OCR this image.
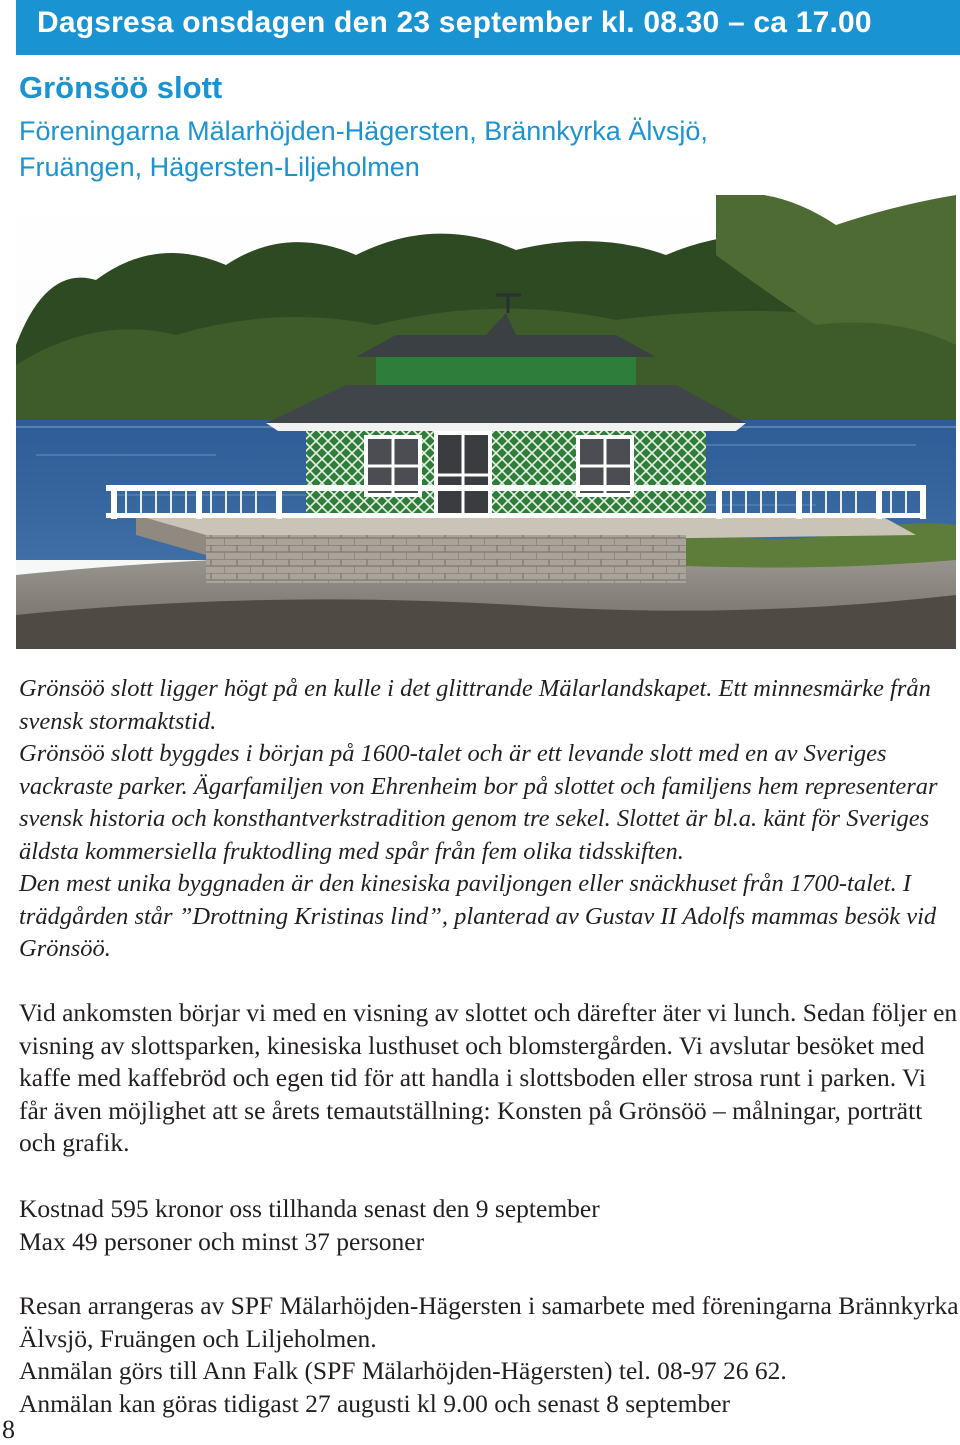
Dagsresa onsdagen den 23 september kl. 08.30 – ca 17.00
Grönsöö slott
Föreningarna Mälarhöjden-Hägersten, Brännkyrka Älvsjö,
Fruängen, Hägersten-Liljeholmen

Grönsöö slott ligger högt på en kulle i det glittrande Mälarlandskapet. Ett minnesmärke från svensk stormaktstid.

Grönsöö slott byggdes i början på 1600-talet och är ett levande slott med en av Sveriges vackraste parker. Ägarfamiljen von Ehrenheim bor på slottet och familjens hem representerar svensk historia och konsthantverkstradition genom tre sekel. Slottet är bl.a. känt för Sveriges äldsta kommersiella fruktodling med spår från fem olika tidsskiften.

Den mest unika byggnaden är den kinesiska paviljongen eller snäckhuset från 1700-talet. I trädgården står ”Drottning Kristinas lind”, planterad av Gustav II Adolfs mammas besök vid Grönsöö.

Vid ankomsten börjar vi med en visning av slottet och därefter äter vi lunch. Sedan följer en visning av slottsparken, kinesiska lusthuset och blomstergården. Vi avslutar besöket med kaffe med kaffebröd och egen tid för att handla i slottsboden eller strosa runt i parken. Vi får även möjlighet att se årets temautställning: Konsten på Grönsöö – målningar, porträtt och grafik.

Kostnad 595 kronor oss tillhanda senast den 9 september

Max 49 personer och minst 37 personer

Resan arrangeras av SPF Mälarhöjden-Hägersten i samarbete med föreningarna Brännkyrka Älvsjö, Fruängen och Liljeholmen.

Anmälan görs till Ann Falk (SPF Mälarhöjden-Hägersten) tel. 08-97 26 62.

Anmälan kan göras tidigast 27 augusti kl 9.00 och senast 8 september

8
